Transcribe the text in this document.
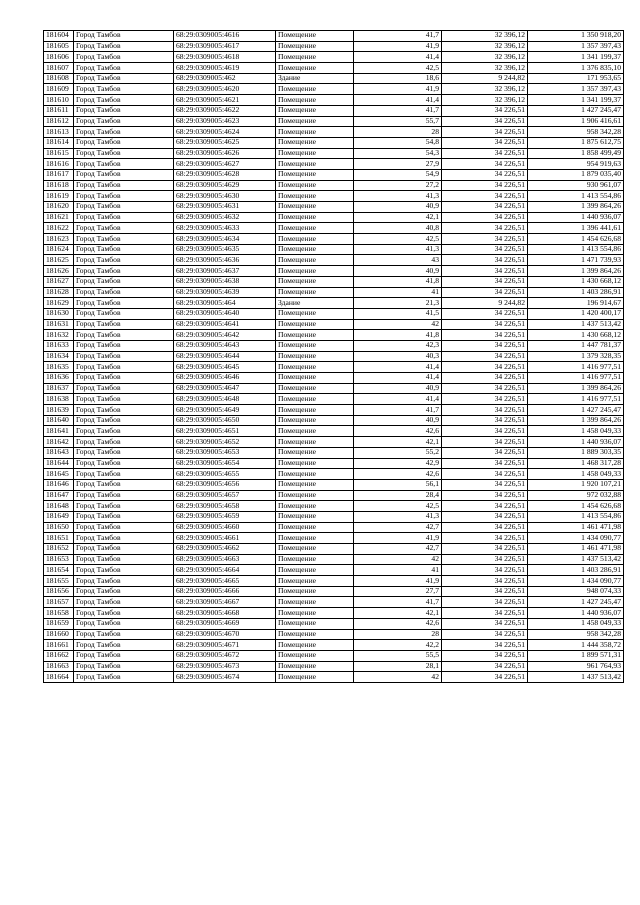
181604	Город Тамбов	68:29:0309005:4616	Помещение	41,7	32 396,12	1 350 918,20
181605	Город Тамбов	68:29:0309005:4617	Помещение	41,9	32 396,12	1 357 397,43
181606	Город Тамбов	68:29:0309005:4618	Помещение	41,4	32 396,12	1 341 199,37
181607	Город Тамбов	68:29:0309005:4619	Помещение	42,5	32 396,12	1 376 835,10
181608	Город Тамбов	68:29:0309005:462	Здание	18,6	9 244,82	171 953,65
181609	Город Тамбов	68:29:0309005:4620	Помещение	41,9	32 396,12	1 357 397,43
181610	Город Тамбов	68:29:0309005:4621	Помещение	41,4	32 396,12	1 341 199,37
181611	Город Тамбов	68:29:0309005:4622	Помещение	41,7	34 226,51	1 427 245,47
181612	Город Тамбов	68:29:0309005:4623	Помещение	55,7	34 226,51	1 906 416,61
181613	Город Тамбов	68:29:0309005:4624	Помещение	28	34 226,51	958 342,28
181614	Город Тамбов	68:29:0309005:4625	Помещение	54,8	34 226,51	1 875 612,75
181615	Город Тамбов	68:29:0309005:4626	Помещение	54,3	34 226,51	1 858 499,49
181616	Город Тамбов	68:29:0309005:4627	Помещение	27,9	34 226,51	954 919,63
181617	Город Тамбов	68:29:0309005:4628	Помещение	54,9	34 226,51	1 879 035,40
181618	Город Тамбов	68:29:0309005:4629	Помещение	27,2	34 226,51	930 961,07
181619	Город Тамбов	68:29:0309005:4630	Помещение	41,3	34 226,51	1 413 554,86
181620	Город Тамбов	68:29:0309005:4631	Помещение	40,9	34 226,51	1 399 864,26
181621	Город Тамбов	68:29:0309005:4632	Помещение	42,1	34 226,51	1 440 936,07
181622	Город Тамбов	68:29:0309005:4633	Помещение	40,8	34 226,51	1 396 441,61
181623	Город Тамбов	68:29:0309005:4634	Помещение	42,5	34 226,51	1 454 626,68
181624	Город Тамбов	68:29:0309005:4635	Помещение	41,3	34 226,51	1 413 554,86
181625	Город Тамбов	68:29:0309005:4636	Помещение	43	34 226,51	1 471 739,93
181626	Город Тамбов	68:29:0309005:4637	Помещение	40,9	34 226,51	1 399 864,26
181627	Город Тамбов	68:29:0309005:4638	Помещение	41,8	34 226,51	1 430 668,12
181628	Город Тамбов	68:29:0309005:4639	Помещение	41	34 226,51	1 403 286,91
181629	Город Тамбов	68:29:0309005:464	Здание	21,3	9 244,82	196 914,67
181630	Город Тамбов	68:29:0309005:4640	Помещение	41,5	34 226,51	1 420 400,17
181631	Город Тамбов	68:29:0309005:4641	Помещение	42	34 226,51	1 437 513,42
181632	Город Тамбов	68:29:0309005:4642	Помещение	41,8	34 226,51	1 430 668,12
181633	Город Тамбов	68:29:0309005:4643	Помещение	42,3	34 226,51	1 447 781,37
181634	Город Тамбов	68:29:0309005:4644	Помещение	40,3	34 226,51	1 379 328,35
181635	Город Тамбов	68:29:0309005:4645	Помещение	41,4	34 226,51	1 416 977,51
181636	Город Тамбов	68:29:0309005:4646	Помещение	41,4	34 226,51	1 416 977,51
181637	Город Тамбов	68:29:0309005:4647	Помещение	40,9	34 226,51	1 399 864,26
181638	Город Тамбов	68:29:0309005:4648	Помещение	41,4	34 226,51	1 416 977,51
181639	Город Тамбов	68:29:0309005:4649	Помещение	41,7	34 226,51	1 427 245,47
181640	Город Тамбов	68:29:0309005:4650	Помещение	40,9	34 226,51	1 399 864,26
181641	Город Тамбов	68:29:0309005:4651	Помещение	42,6	34 226,51	1 458 049,33
181642	Город Тамбов	68:29:0309005:4652	Помещение	42,1	34 226,51	1 440 936,07
181643	Город Тамбов	68:29:0309005:4653	Помещение	55,2	34 226,51	1 889 303,35
181644	Город Тамбов	68:29:0309005:4654	Помещение	42,9	34 226,51	1 468 317,28
181645	Город Тамбов	68:29:0309005:4655	Помещение	42,6	34 226,51	1 458 049,33
181646	Город Тамбов	68:29:0309005:4656	Помещение	56,1	34 226,51	1 920 107,21
181647	Город Тамбов	68:29:0309005:4657	Помещение	28,4	34 226,51	972 032,88
181648	Город Тамбов	68:29:0309005:4658	Помещение	42,5	34 226,51	1 454 626,68
181649	Город Тамбов	68:29:0309005:4659	Помещение	41,3	34 226,51	1 413 554,86
181650	Город Тамбов	68:29:0309005:4660	Помещение	42,7	34 226,51	1 461 471,98
181651	Город Тамбов	68:29:0309005:4661	Помещение	41,9	34 226,51	1 434 090,77
181652	Город Тамбов	68:29:0309005:4662	Помещение	42,7	34 226,51	1 461 471,98
181653	Город Тамбов	68:29:0309005:4663	Помещение	42	34 226,51	1 437 513,42
181654	Город Тамбов	68:29:0309005:4664	Помещение	41	34 226,51	1 403 286,91
181655	Город Тамбов	68:29:0309005:4665	Помещение	41,9	34 226,51	1 434 090,77
181656	Город Тамбов	68:29:0309005:4666	Помещение	27,7	34 226,51	948 074,33
181657	Город Тамбов	68:29:0309005:4667	Помещение	41,7	34 226,51	1 427 245,47
181658	Город Тамбов	68:29:0309005:4668	Помещение	42,1	34 226,51	1 440 936,07
181659	Город Тамбов	68:29:0309005:4669	Помещение	42,6	34 226,51	1 458 049,33
181660	Город Тамбов	68:29:0309005:4670	Помещение	28	34 226,51	958 342,28
181661	Город Тамбов	68:29:0309005:4671	Помещение	42,2	34 226,51	1 444 358,72
181662	Город Тамбов	68:29:0309005:4672	Помещение	55,5	34 226,51	1 899 571,31
181663	Город Тамбов	68:29:0309005:4673	Помещение	28,1	34 226,51	961 764,93
181664	Город Тамбов	68:29:0309005:4674	Помещение	42	34 226,51	1 437 513,42
